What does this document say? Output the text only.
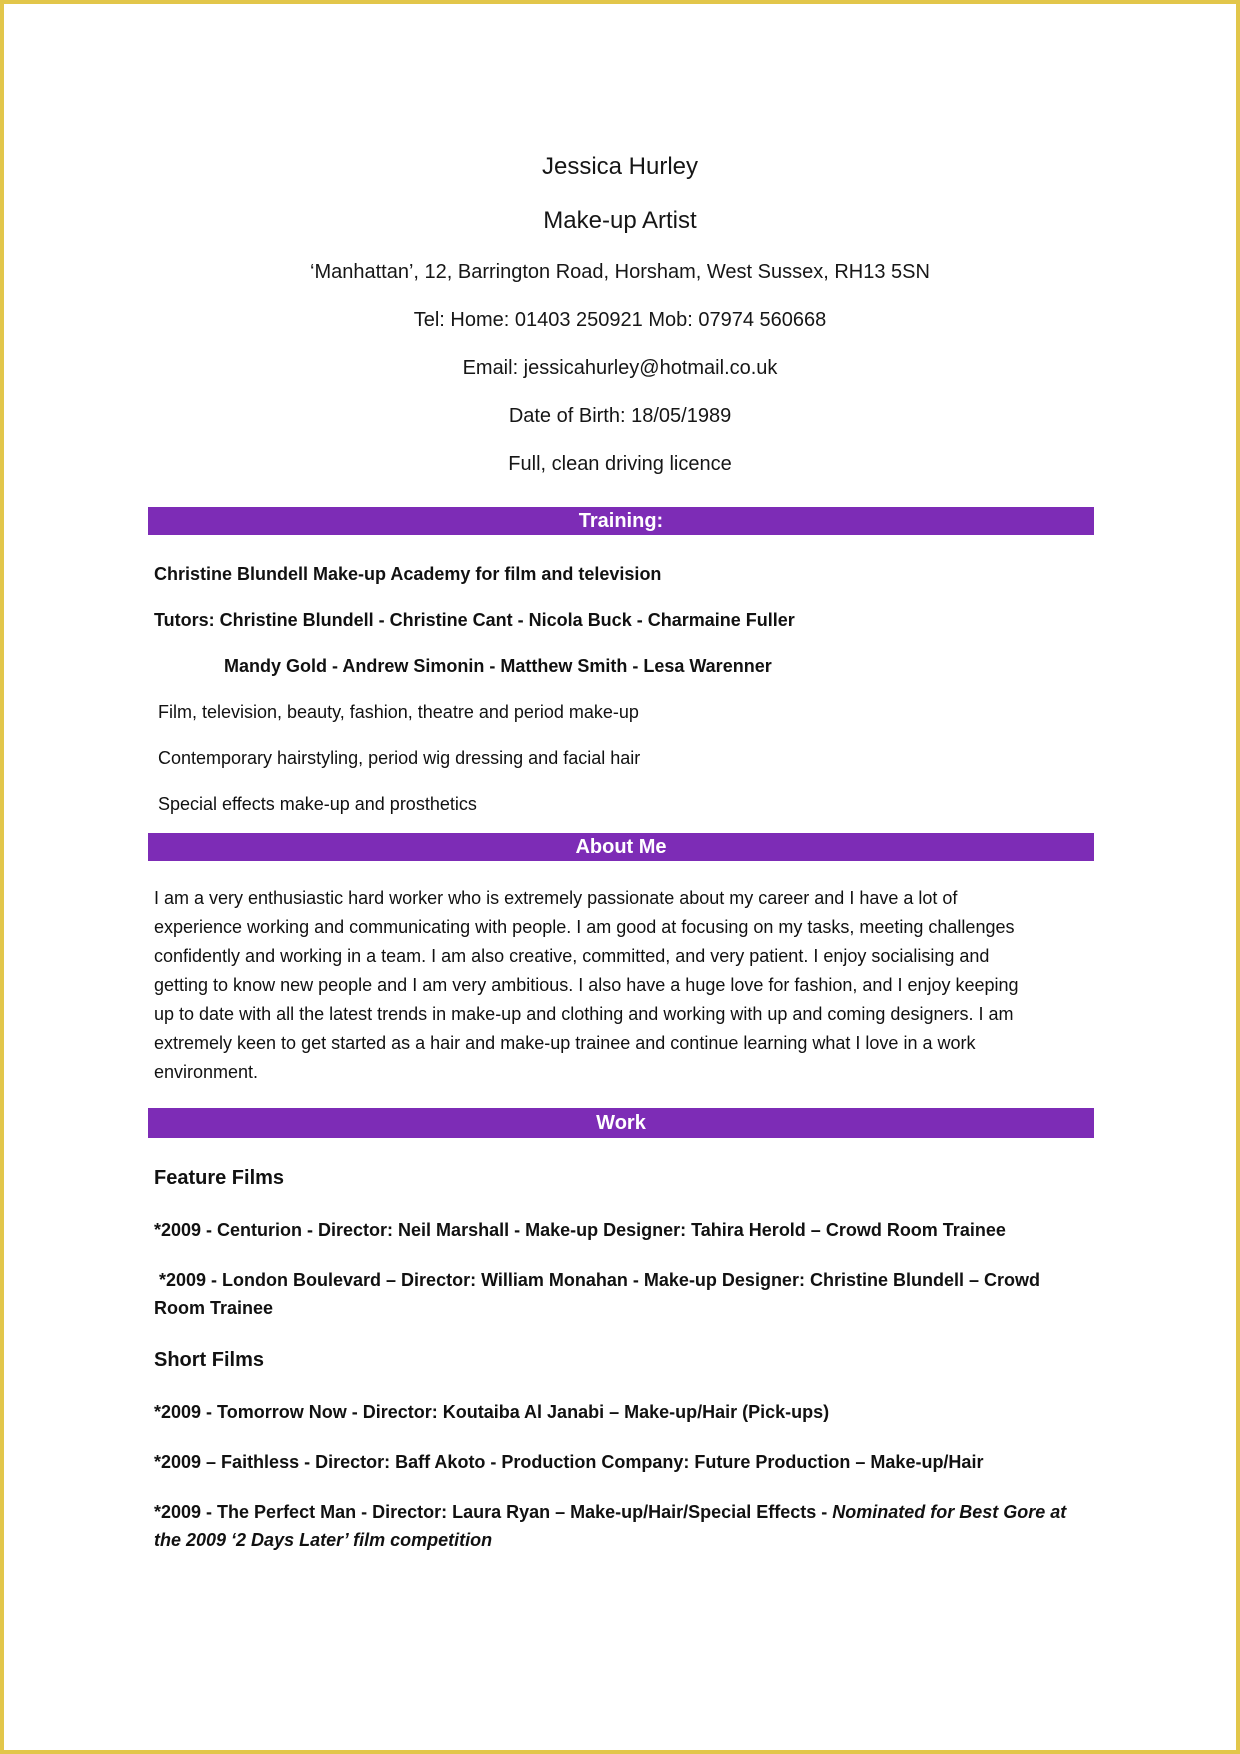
Jessica Hurley
Make-up Artist
‘Manhattan’, 12, Barrington Road, Horsham, West Sussex, RH13 5SN
Tel: Home: 01403 250921 Mob: 07974 560668
Email: jessicahurley@hotmail.co.uk
Date of Birth: 18/05/1989
Full, clean driving licence
Training:
Christine Blundell Make-up Academy for film and television
Tutors: Christine Blundell - Christine Cant - Nicola Buck - Charmaine Fuller
Mandy Gold - Andrew Simonin - Matthew Smith - Lesa Warenner
Film, television, beauty, fashion, theatre and period make-up
Contemporary hairstyling, period wig dressing and facial hair
Special effects make-up and prosthetics
About Me
I am a very enthusiastic hard worker who is extremely passionate about my career and I have a lot of
experience working and communicating with people. I am good at focusing on my tasks, meeting challenges
confidently and working in a team. I am also creative, committed, and very patient. I enjoy socialising and
getting to know new people and I am very ambitious. I also have a huge love for fashion, and I enjoy keeping
up to date with all the latest trends in make-up and clothing and working with up and coming designers. I am
extremely keen to get started as a hair and make-up trainee and continue learning what I love in a work
environment.
Work
Feature Films
*2009 - Centurion - Director: Neil Marshall - Make-up Designer: Tahira Herold – Crowd Room Trainee
*2009 - London Boulevard – Director: William Monahan - Make-up Designer: Christine Blundell – Crowd
Room Trainee
Short Films
*2009 - Tomorrow Now - Director: Koutaiba Al Janabi – Make-up/Hair (Pick-ups)
*2009 – Faithless - Director: Baff Akoto - Production Company: Future Production – Make-up/Hair
*2009 - The Perfect Man - Director: Laura Ryan – Make-up/Hair/Special Effects - Nominated for Best Gore at
the 2009 ‘2 Days Later’ film competition
